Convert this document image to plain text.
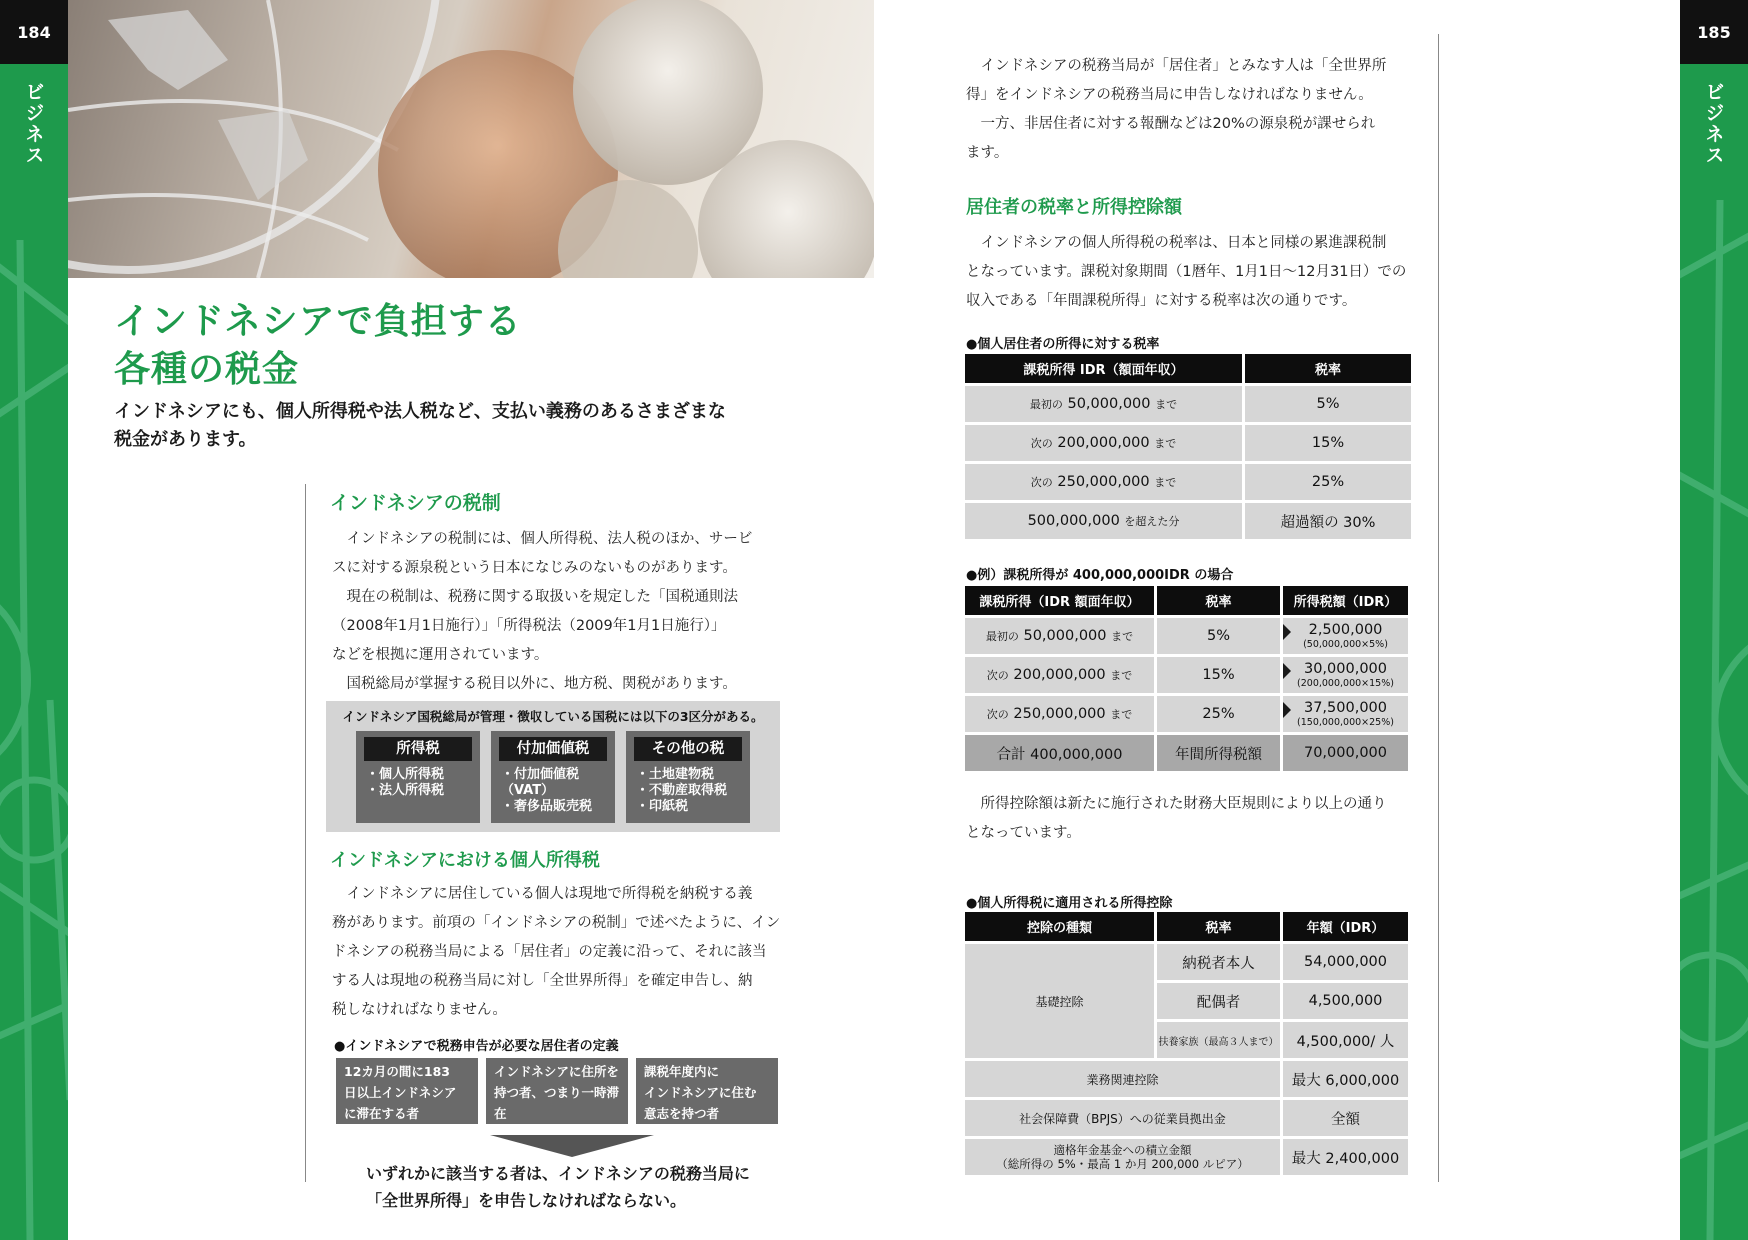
184
ビジネス
185
ビジネス
インドネシアで負担する
各種の税金
インドネシアにも、個人所得税や法人税など、支払い義務のあるさまざまな
税金があります。
インドネシアの税制

インドネシアの税制には、個人所得税、法人税のほか、サービ

スに対する源泉税という日本になじみのないものがあります。

現在の税制は、税務に関する取扱いを規定した「国税通則法

（2008年1月1日施行）」「所得税法（2009年1月1日施行）」
などを根拠に運用されています。

国税総局が掌握する税目以外に、地方税、関税があります。

インドネシア国税総局が管理・徴収している国税には以下の3区分がある。
所得税
・個人所得税
・法人所得税
付加価値税
・付加価値税
（VAT）
・奢侈品販売税
その他の税
・土地建物税
・不動産取得税
・印紙税
インドネシアにおける個人所得税

インドネシアに居住している個人は現地で所得税を納税する義

務があります。前項の「インドネシアの税制」で述べたように、イン
ドネシアの税務当局による「居住者」の定義に沿って、それに該当
する人は現地の税務当局に対し「全世界所得」を確定申告し、納
税しなければなりません。
●インドネシアで税務申告が必要な居住者の定義
12カ月の間に183
日以上インドネシア
に滞在する者
インドネシアに住所を
持つ者、つまり一時滞在
許可(ITAS)保持者
課税年度内に
インドネシアに住む
意志を持つ者
いずれかに該当する者は、インドネシアの税務当局に
「全世界所得」を申告しなければならない。

インドネシアの税務当局が「居住者」とみなす人は「全世界所

得」をインドネシアの税務当局に申告しなければなりません。

一方、非居住者に対する報酬などは20%の源泉税が課せられ

ます。
居住者の税率と所得控除額

インドネシアの個人所得税の税率は、日本と同様の累進課税制

となっています。課税対象期間（1暦年、1月1日〜12月31日）での
収入である「年間課税所得」に対する税率は次の通りです。
●個人居住者の所得に対する税率
課税所得 IDR（額面年収）	税率
最初の 50,000,000 まで	5%
次の 200,000,000 まで	15%
次の 250,000,000 まで	25%
500,000,000 を超えた分	超過額の 30%
●例）課税所得が 400,000,000IDR の場合
課税所得（IDR 額面年収）	税率	所得税額（IDR）
最初の 50,000,000 まで	5%	2,500,000
(50,000,000×5%)

次の 200,000,000 まで	15%	30,000,000
(200,000,000×15%)

次の 250,000,000 まで	25%	37,500,000
(150,000,000×25%)

合計 400,000,000	年間所得税額	70,000,000

所得控除額は新たに施行された財務大臣規則により以上の通り

となっています。
●個人所得税に適用される所得控除
控除の種類	税率	年額（IDR）
基礎控除	納税者本人	54,000,000
	配偶者	4,500,000
	扶養家族（最高３人まで）	4,500,000/ 人
業務関連控除		最大 6,000,000
社会保障費（BPJS）への従業員拠出金		全額

適格年金基金への積立金額
（総所得の 5%・最高 1 か月 200,000 ルピア）		最大 2,400,000
